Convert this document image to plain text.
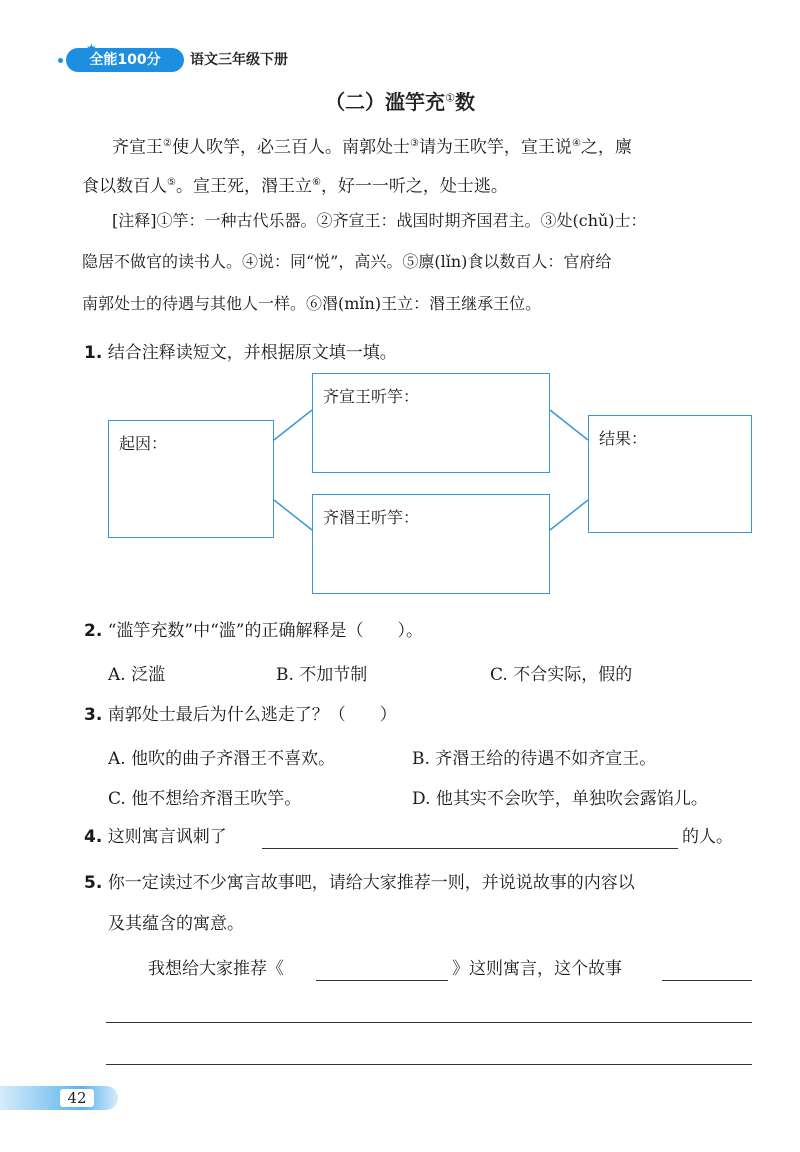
全能100分
★
语文三年级下册
（二）滥竽充①数
齐宣王②使人吹竽，必三百人。南郭处士③请为王吹竽，宣王说④之，廪
食以数百人⑤。宣王死，湣王立⑥，好一一听之，处士逃。
[注释]①竽：一种古代乐器。②齐宣王：战国时期齐国君主。③处(chǔ)士：
隐居不做官的读书人。④说：同“悦”，高兴。⑤廪(lǐn)食以数百人：官府给
南郭处士的待遇与其他人一样。⑥湣(mǐn)王立：湣王继承王位。
1. 结合注释读短文，并根据原文填一填。
起因：
齐宣王听竽：
齐湣王听竽：
结果：
2. “滥竽充数”中“滥”的正确解释是（　　）。
A. 泛滥	B. 不加节制	C. 不合实际，假的
3. 南郭处士最后为什么逃走了？（　　）
A. 他吹的曲子齐湣王不喜欢。	B. 齐湣王给的待遇不如齐宣王。
C. 他不想给齐湣王吹竽。	D. 他其实不会吹竽，单独吹会露馅儿。
4. 这则寓言讽刺了	的人。
5. 你一定读过不少寓言故事吧，请给大家推荐一则，并说说故事的内容以
及其蕴含的寓意。
我想给大家推荐《	》这则寓言，这个故事
42
